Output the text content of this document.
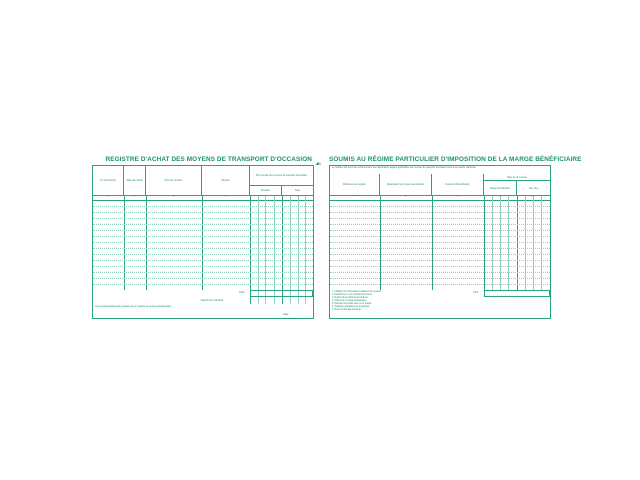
REGISTRE D'ACHAT DES MOYENS DE TRANSPORT D'OCCASION	SOUMIS AU RÉGIME PARTICULIER D'IMPOSITION DE LA MARGE BÉNÉFICIAIRE
☙
N° d'inscription	Date de l'achat	Nom du vendeur	Adresse
Prix d'achat des moyens de transport d'occasion
Montant	Taxe
1	2	3	4	5	6
Total
Report des montants
Les montants doivent être reportés sur le registre de ventes correspondant.
Page
Le registre doit être tenu conformément aux dispositions légales applicables aux moyens de transport d'occasion soumis au régime particulier.
Référence du registre	Désignation du moyen de transport	Numéro d'identification
Date de la revente
Marge bénéficiaire	Taxe due
7	8	9	10	11
Total
1. Indiquer les informations relatives au vendeur.
2. Mentionner le prix d'achat hors taxes.
3. Report de la colonne précédente.
4. Calcul de la marge bénéficiaire.
5. Montant de la taxe due sur la marge.
6. Total des opérations de la période.
7. Report à la page suivante.
